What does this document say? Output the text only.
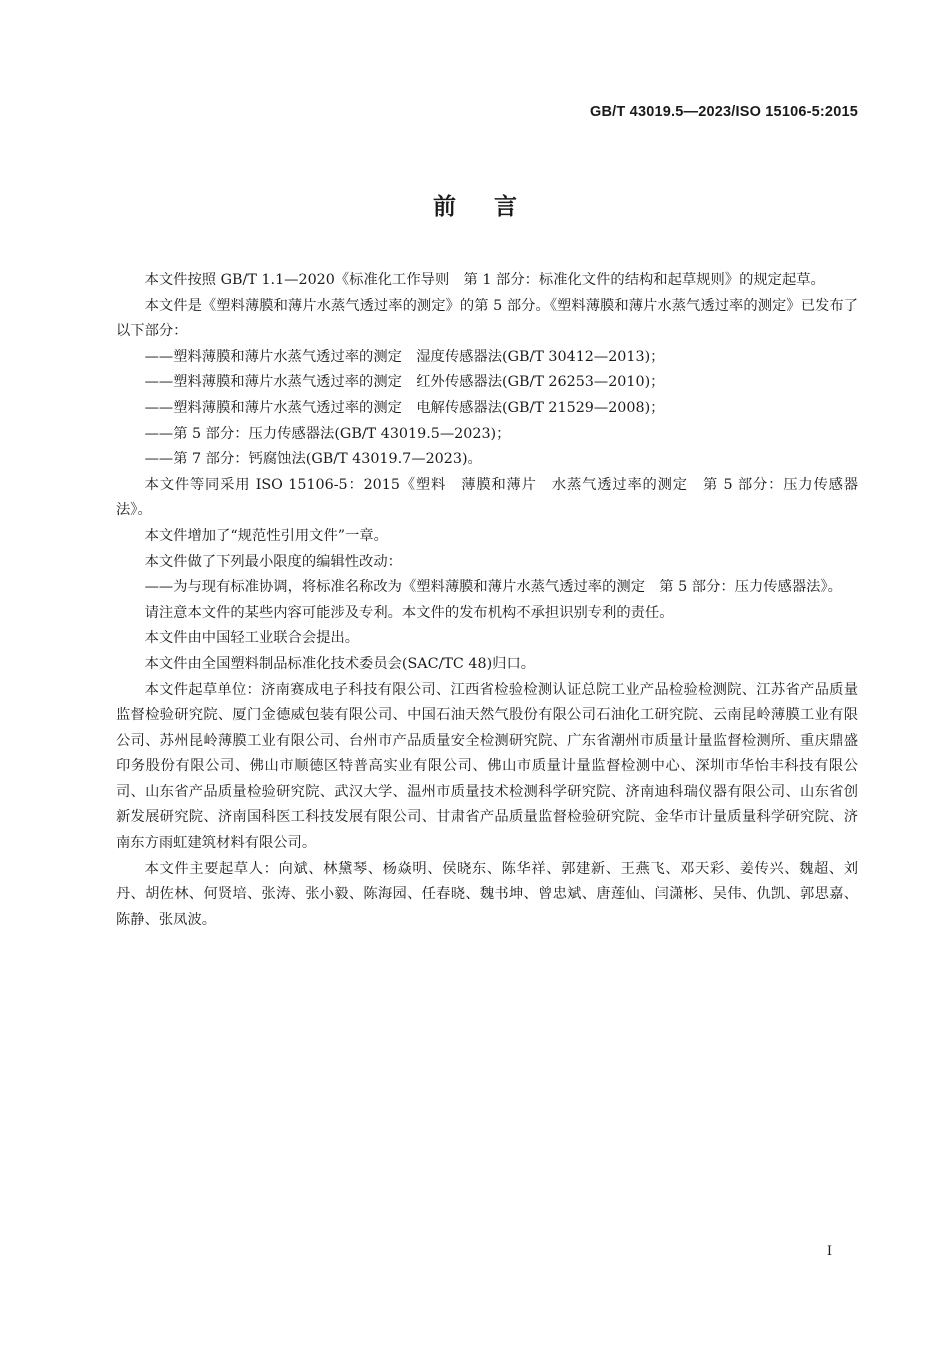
GB/T 43019.5—2023/ISO 15106-5:2015
前言

本文件按照 GB/T 1.1—2020《标准化工作导则　第 1 部分：标准化文件的结构和起草规则》的规定起草。

本文件是《塑料薄膜和薄片水蒸气透过率的测定》的第 5 部分。《塑料薄膜和薄片水蒸气透过率的测定》已发布了以下部分：

——塑料薄膜和薄片水蒸气透过率的测定　湿度传感器法(GB/T 30412—2013)；

——塑料薄膜和薄片水蒸气透过率的测定　红外传感器法(GB/T 26253—2010)；

——塑料薄膜和薄片水蒸气透过率的测定　电解传感器法(GB/T 21529—2008)；

——第 5 部分：压力传感器法(GB/T 43019.5—2023)；

——第 7 部分：钙腐蚀法(GB/T 43019.7—2023)。

本文件等同采用 ISO 15106-5：2015《塑料　薄膜和薄片　水蒸气透过率的测定　第 5 部分：压力传感器法》。

本文件增加了“规范性引用文件”一章。

本文件做了下列最小限度的编辑性改动：

——为与现有标准协调，将标准名称改为《塑料薄膜和薄片水蒸气透过率的测定　第 5 部分：压力传感器法》。

请注意本文件的某些内容可能涉及专利。本文件的发布机构不承担识别专利的责任。

本文件由中国轻工业联合会提出。

本文件由全国塑料制品标准化技术委员会(SAC/TC 48)归口。

本文件起草单位：济南赛成电子科技有限公司、江西省检验检测认证总院工业产品检验检测院、江苏省产品质量监督检验研究院、厦门金德威包装有限公司、中国石油天然气股份有限公司石油化工研究院、云南昆岭薄膜工业有限公司、苏州昆岭薄膜工业有限公司、台州市产品质量安全检测研究院、广东省潮州市质量计量监督检测所、重庆鼎盛印务股份有限公司、佛山市顺德区特普高实业有限公司、佛山市质量计量监督检测中心、深圳市华怡丰科技有限公司、山东省产品质量检验研究院、武汉大学、温州市质量技术检测科学研究院、济南迪科瑞仪器有限公司、山东省创新发展研究院、济南国科医工科技发展有限公司、甘肃省产品质量监督检验研究院、金华市计量质量科学研究院、济南东方雨虹建筑材料有限公司。

本文件主要起草人：向斌、林黛琴、杨焱明、侯晓东、陈华祥、郭建新、王燕飞、邓天彩、姜传兴、魏超、刘丹、胡佐林、何贤培、张涛、张小毅、陈海园、任春晓、魏书坤、曾忠斌、唐莲仙、闫潇彬、吴伟、仇凯、郭思嘉、陈静、张凤波。

I
